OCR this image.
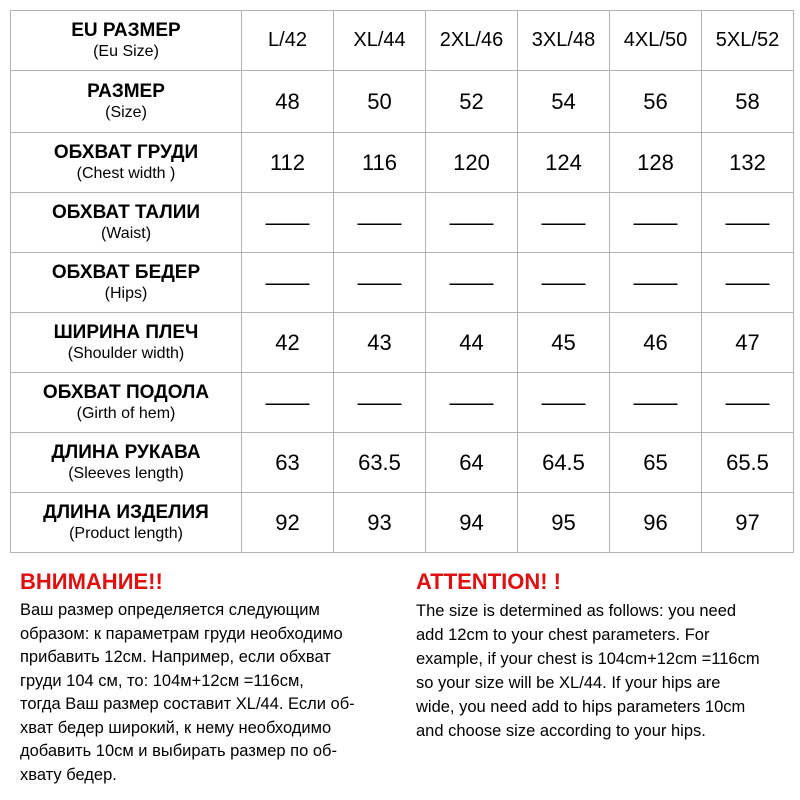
EU РАЗМЕР
(Eu Size)	L/42	XL/44	2XL/46	3XL/48	4XL/50	5XL/52

РАЗМЕР
(Size)	48	50	52	54	56	58

ОБХВАТ ГРУДИ
(Chest width )	112	116	120	124	128	132

ОБХВАТ ТАЛИИ
(Waist)	——	——	——	——	——	——

ОБХВАТ БЕДЕР
(Hips)	——	——	——	——	——	——

ШИРИНА ПЛЕЧ
(Shoulder width)	42	43	44	45	46	47

ОБХВАТ ПОДОЛА
(Girth of hem)	——	——	——	——	——	——

ДЛИНА РУКАВА
(Sleeves length)	63	63.5	64	64.5	65	65.5

ДЛИНА ИЗДЕЛИЯ
(Product length)	92	93	94	95	96	97

ВНИМАНИЕ!!

Ваш размер определяется следующим
образом: к параметрам груди необходимо
прибавить 12см. Например, если обхват
груди 104 см, то: 104м+12см =116см,
тогда Ваш размер составит XL/44. Если об-
хват бедер широкий, к нему необходимо
добавить 10см и выбирать размер по об-
хвату бедер.

ATTENTION! !

The size is determined as follows: you need
add 12cm to your chest parameters. For
example, if your chest is 104cm+12cm =116cm
so your size will be XL/44. If your hips are
wide, you need add to hips parameters 10cm
and choose size according to your hips.
